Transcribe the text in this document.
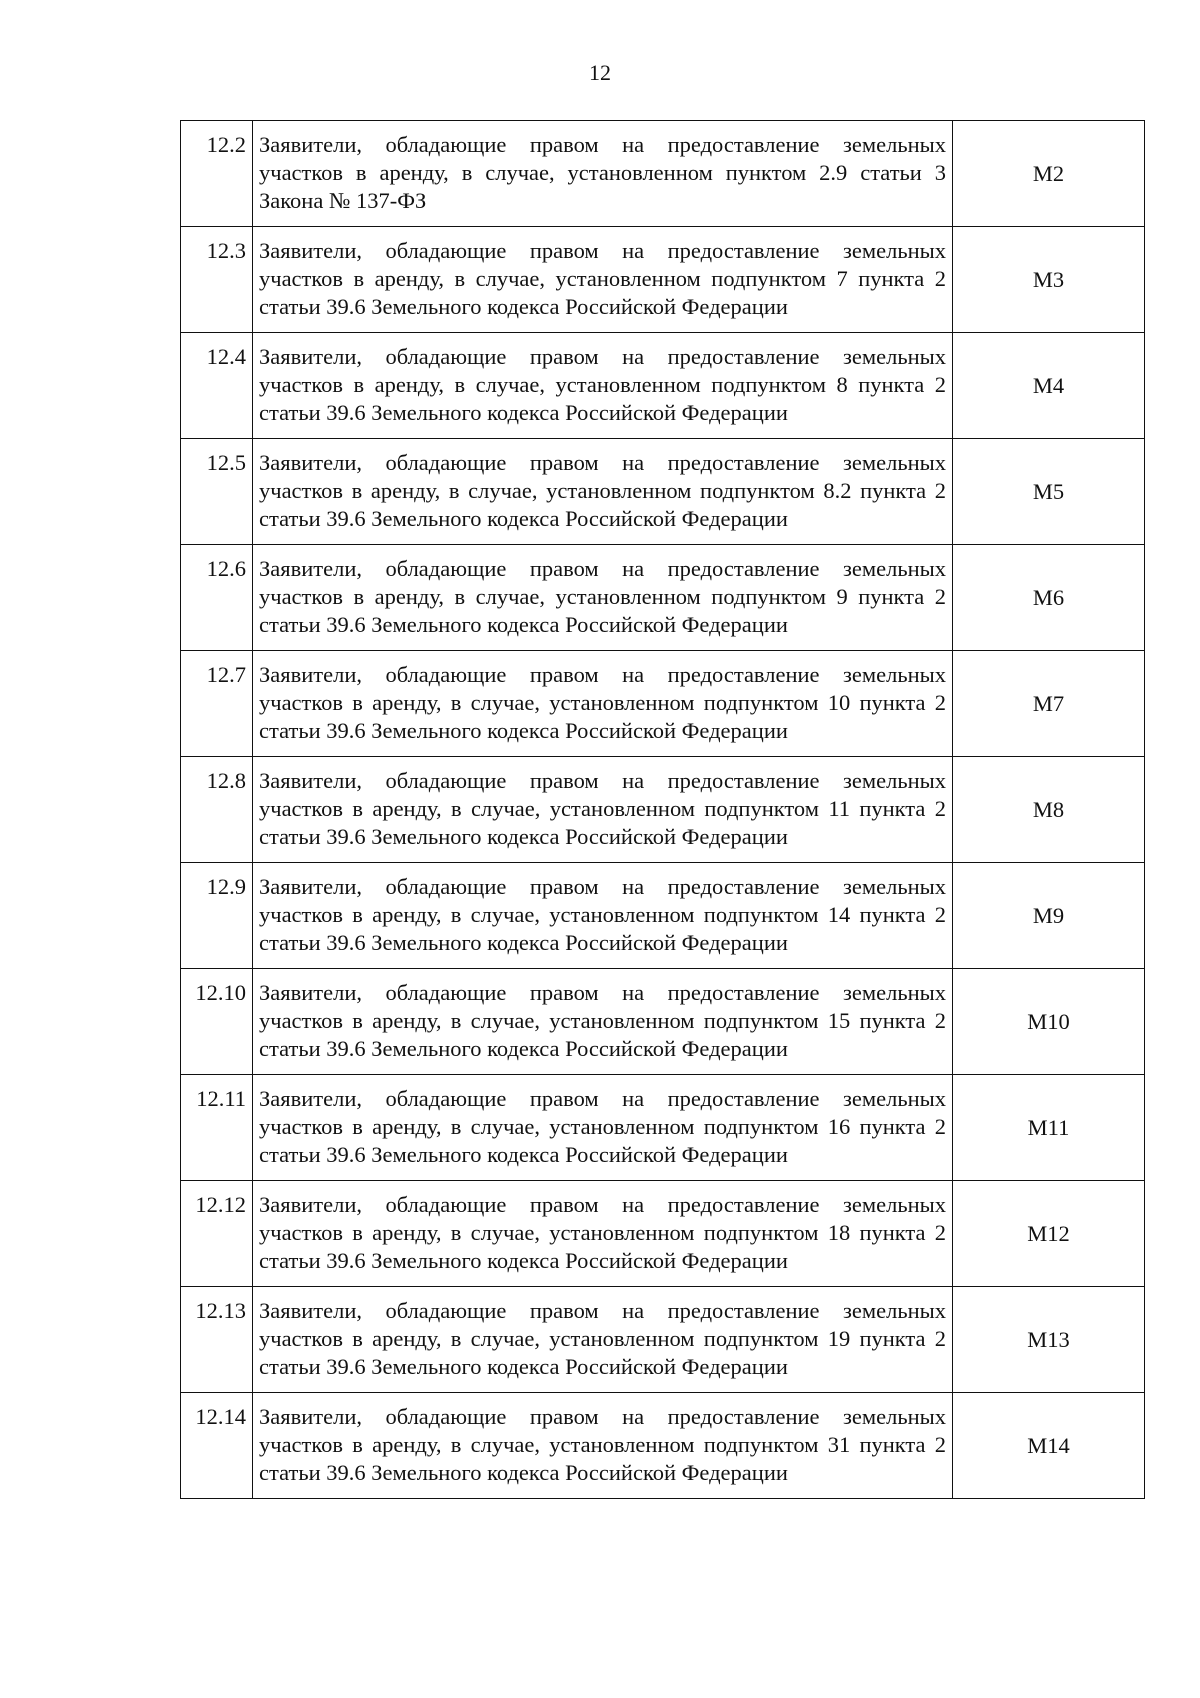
12
12.2	Заявители, обладающие правом на предоставление земельных участков в аренду, в случае, установленном пунктом 2.9 статьи 3 Закона № 137-ФЗ	М2
12.3	Заявители, обладающие правом на предоставление земельных участков в аренду, в случае, установленном подпунктом 7 пункта 2 статьи 39.6 Земельного кодекса Российской Федерации	М3
12.4	Заявители, обладающие правом на предоставление земельных участков в аренду, в случае, установленном подпунктом 8 пункта 2 статьи 39.6 Земельного кодекса Российской Федерации	М4
12.5	Заявители, обладающие правом на предоставление земельных участков в аренду, в случае, установленном подпунктом 8.2 пункта 2 статьи 39.6 Земельного кодекса Российской Федерации	М5
12.6	Заявители, обладающие правом на предоставление земельных участков в аренду, в случае, установленном подпунктом 9 пункта 2 статьи 39.6 Земельного кодекса Российской Федерации	М6
12.7	Заявители, обладающие правом на предоставление земельных участков в аренду, в случае, установленном подпунктом 10 пункта 2 статьи 39.6 Земельного кодекса Российской Федерации	М7
12.8	Заявители, обладающие правом на предоставление земельных участков в аренду, в случае, установленном подпунктом 11 пункта 2 статьи 39.6 Земельного кодекса Российской Федерации	М8
12.9	Заявители, обладающие правом на предоставление земельных участков в аренду, в случае, установленном подпунктом 14 пункта 2 статьи 39.6 Земельного кодекса Российской Федерации	М9
12.10	Заявители, обладающие правом на предоставление земельных участков в аренду, в случае, установленном подпунктом 15 пункта 2 статьи 39.6 Земельного кодекса Российской Федерации	М10
12.11	Заявители, обладающие правом на предоставление земельных участков в аренду, в случае, установленном подпунктом 16 пункта 2 статьи 39.6 Земельного кодекса Российской Федерации	М11
12.12	Заявители, обладающие правом на предоставление земельных участков в аренду, в случае, установленном подпунктом 18 пункта 2 статьи 39.6 Земельного кодекса Российской Федерации	М12
12.13	Заявители, обладающие правом на предоставление земельных участков в аренду, в случае, установленном подпунктом 19 пункта 2 статьи 39.6 Земельного кодекса Российской Федерации	М13
12.14	Заявители, обладающие правом на предоставление земельных участков в аренду, в случае, установленном подпунктом 31 пункта 2 статьи 39.6 Земельного кодекса Российской Федерации	М14
